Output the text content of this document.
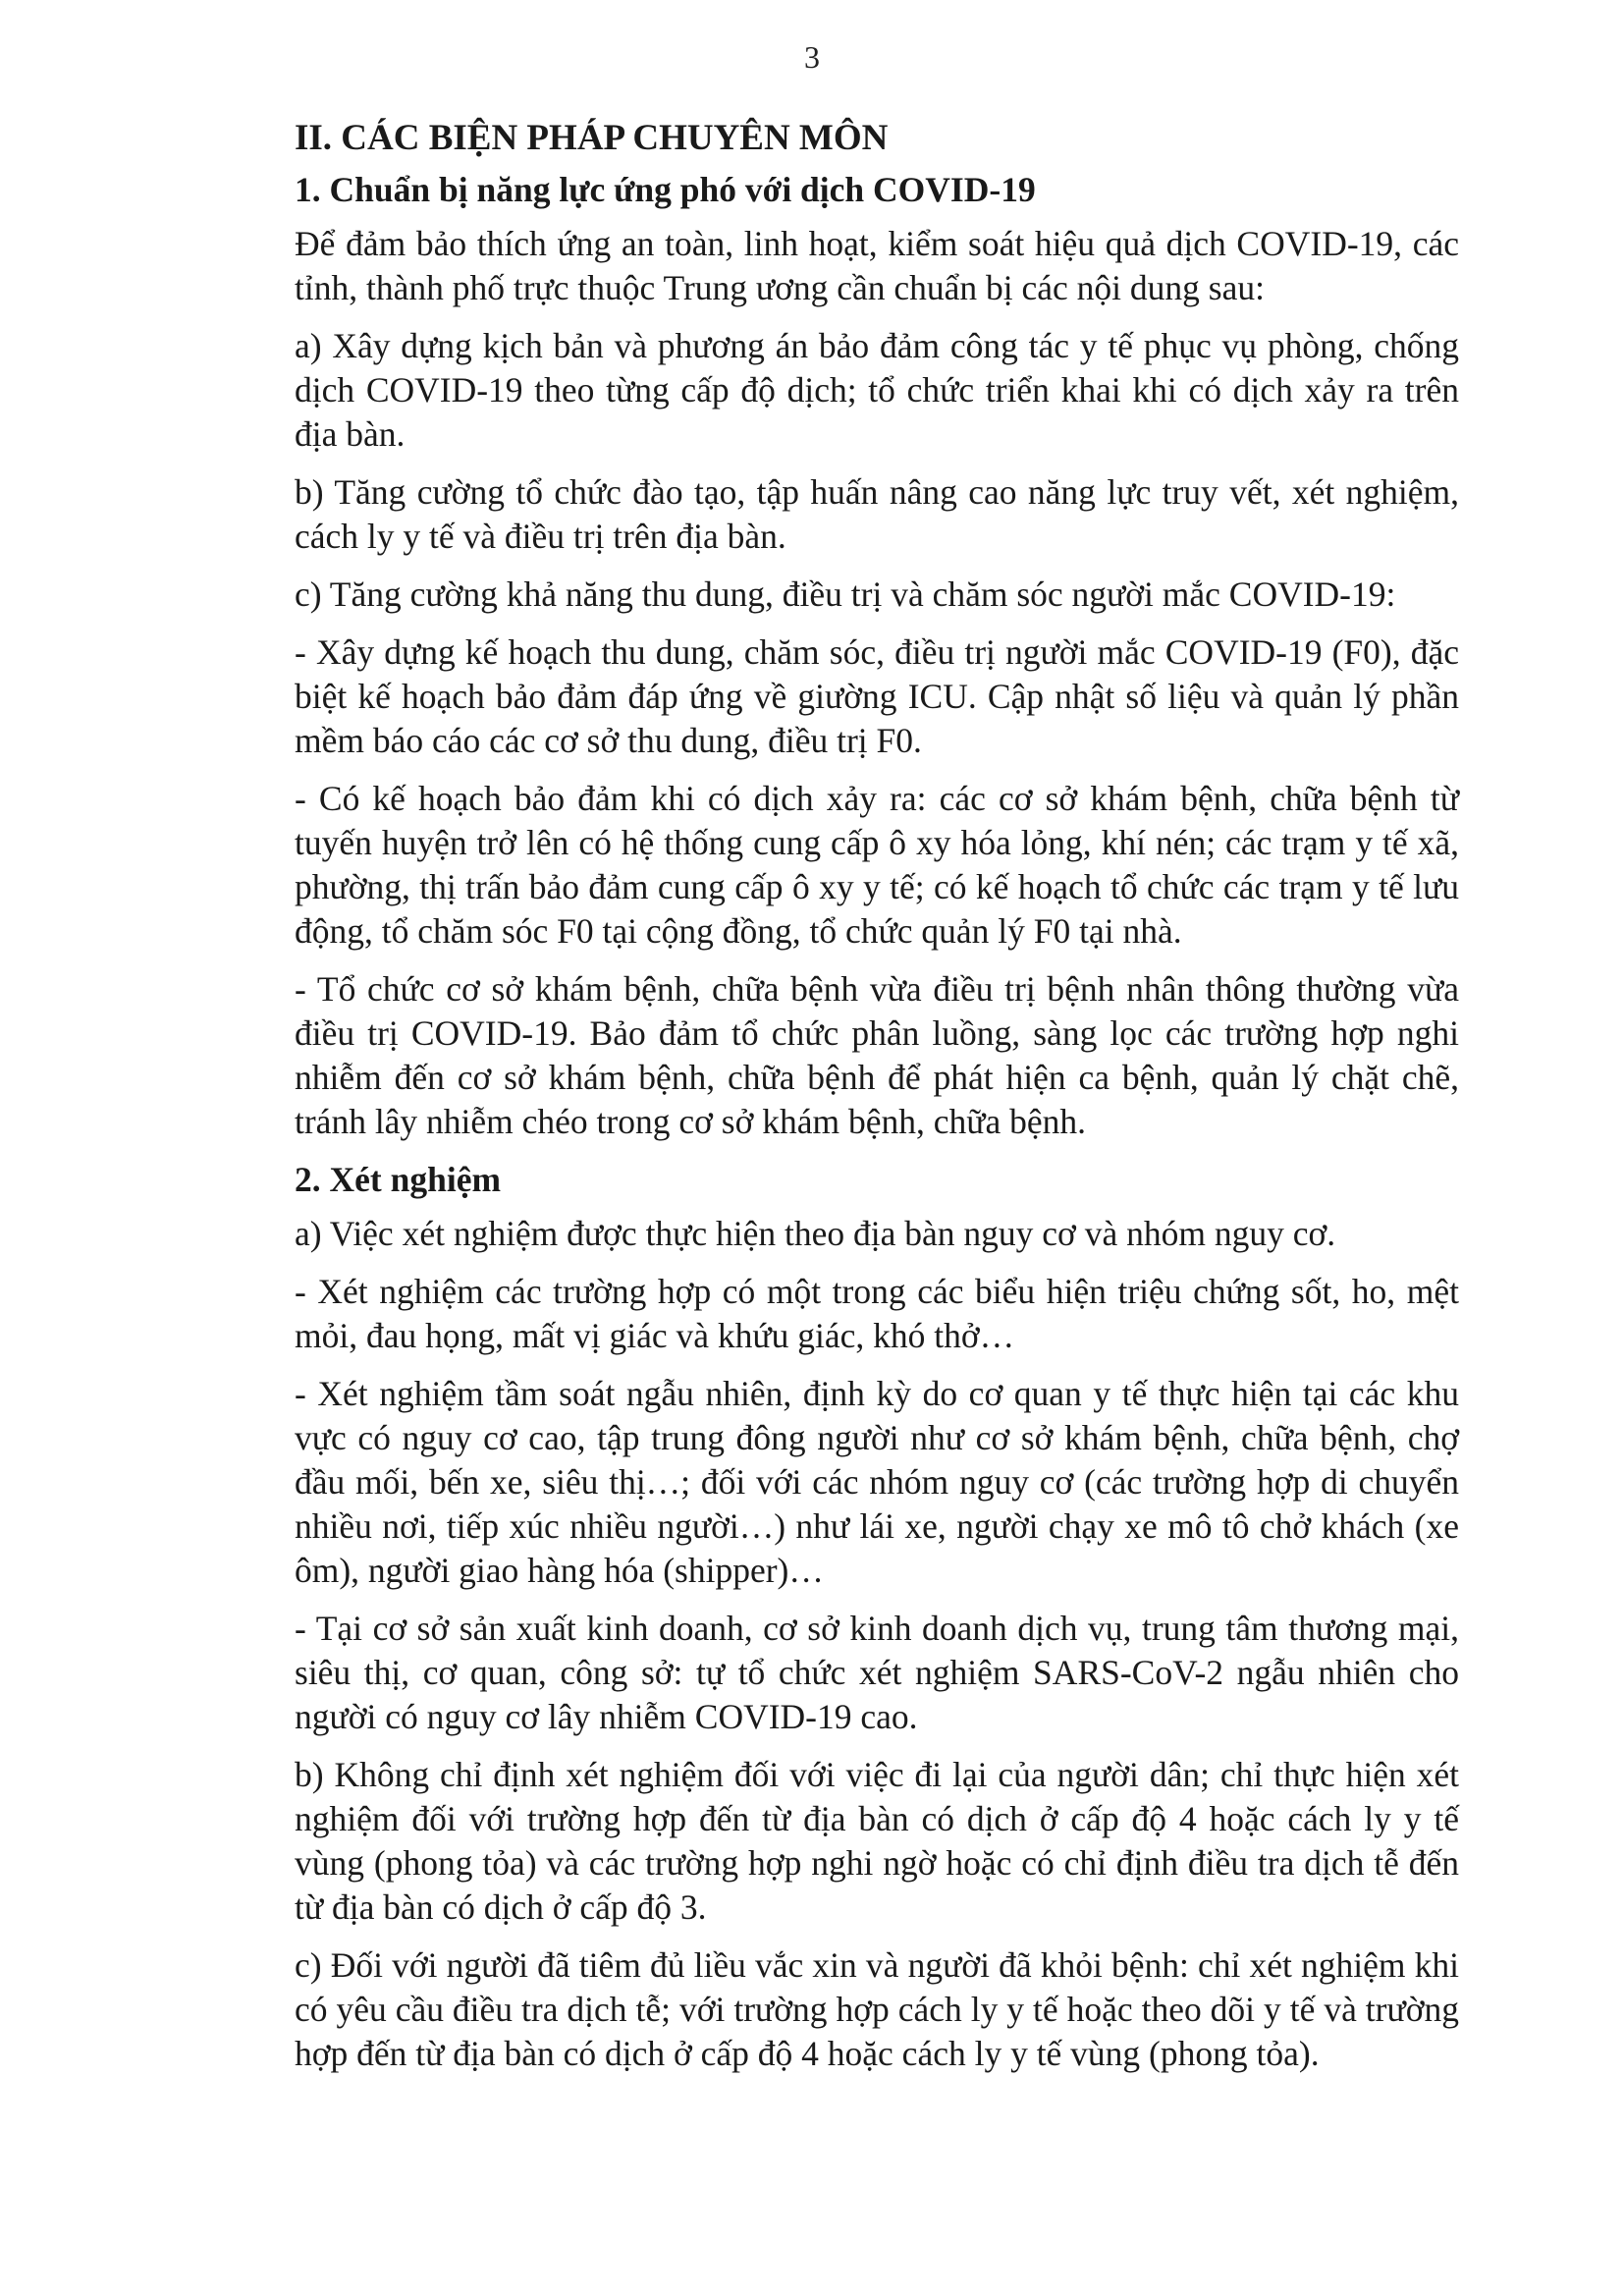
3

II. CÁC BIỆN PHÁP CHUYÊN MÔN

1. Chuẩn bị năng lực ứng phó với dịch COVID-19

Để đảm bảo thích ứng an toàn, linh hoạt, kiểm soát hiệu quả dịch COVID-19, các tỉnh, thành phố trực thuộc Trung ương cần chuẩn bị các nội dung sau:

a) Xây dựng kịch bản và phương án bảo đảm công tác y tế phục vụ phòng, chống dịch COVID-19 theo từng cấp độ dịch; tổ chức triển khai khi có dịch xảy ra trên địa bàn.

b) Tăng cường tổ chức đào tạo, tập huấn nâng cao năng lực truy vết, xét nghiệm, cách ly y tế và điều trị trên địa bàn.

c) Tăng cường khả năng thu dung, điều trị và chăm sóc người mắc COVID-19:

- Xây dựng kế hoạch thu dung, chăm sóc, điều trị người mắc COVID-19 (F0), đặc biệt kế hoạch bảo đảm đáp ứng về giường ICU. Cập nhật số liệu và quản lý phần mềm báo cáo các cơ sở thu dung, điều trị F0.

- Có kế hoạch bảo đảm khi có dịch xảy ra: các cơ sở khám bệnh, chữa bệnh từ tuyến huyện trở lên có hệ thống cung cấp ô xy hóa lỏng, khí nén; các trạm y tế xã, phường, thị trấn bảo đảm cung cấp ô xy y tế; có kế hoạch tổ chức các trạm y tế lưu động, tổ chăm sóc F0 tại cộng đồng, tổ chức quản lý F0 tại nhà.

- Tổ chức cơ sở khám bệnh, chữa bệnh vừa điều trị bệnh nhân thông thường vừa điều trị COVID-19. Bảo đảm tổ chức phân luồng, sàng lọc các trường hợp nghi nhiễm đến cơ sở khám bệnh, chữa bệnh để phát hiện ca bệnh, quản lý chặt chẽ, tránh lây nhiễm chéo trong cơ sở khám bệnh, chữa bệnh.

2. Xét nghiệm

a) Việc xét nghiệm được thực hiện theo địa bàn nguy cơ và nhóm nguy cơ.

- Xét nghiệm các trường hợp có một trong các biểu hiện triệu chứng sốt, ho, mệt mỏi, đau họng, mất vị giác và khứu giác, khó thở…

- Xét nghiệm tầm soát ngẫu nhiên, định kỳ do cơ quan y tế thực hiện tại các khu vực có nguy cơ cao, tập trung đông người như cơ sở khám bệnh, chữa bệnh, chợ đầu mối, bến xe, siêu thị…; đối với các nhóm nguy cơ (các trường hợp di chuyển nhiều nơi, tiếp xúc nhiều người…) như lái xe, người chạy xe mô tô chở khách (xe ôm), người giao hàng hóa (shipper)…

- Tại cơ sở sản xuất kinh doanh, cơ sở kinh doanh dịch vụ, trung tâm thương mại, siêu thị, cơ quan, công sở: tự tổ chức xét nghiệm SARS-CoV-2 ngẫu nhiên cho người có nguy cơ lây nhiễm COVID-19 cao.

b) Không chỉ định xét nghiệm đối với việc đi lại của người dân; chỉ thực hiện xét nghiệm đối với trường hợp đến từ địa bàn có dịch ở cấp độ 4 hoặc cách ly y tế vùng (phong tỏa) và các trường hợp nghi ngờ hoặc có chỉ định điều tra dịch tễ đến từ địa bàn có dịch ở cấp độ 3.

c) Đối với người đã tiêm đủ liều vắc xin và người đã khỏi bệnh: chỉ xét nghiệm khi có yêu cầu điều tra dịch tễ; với trường hợp cách ly y tế hoặc theo dõi y tế và trường hợp đến từ địa bàn có dịch ở cấp độ 4 hoặc cách ly y tế vùng (phong tỏa).
